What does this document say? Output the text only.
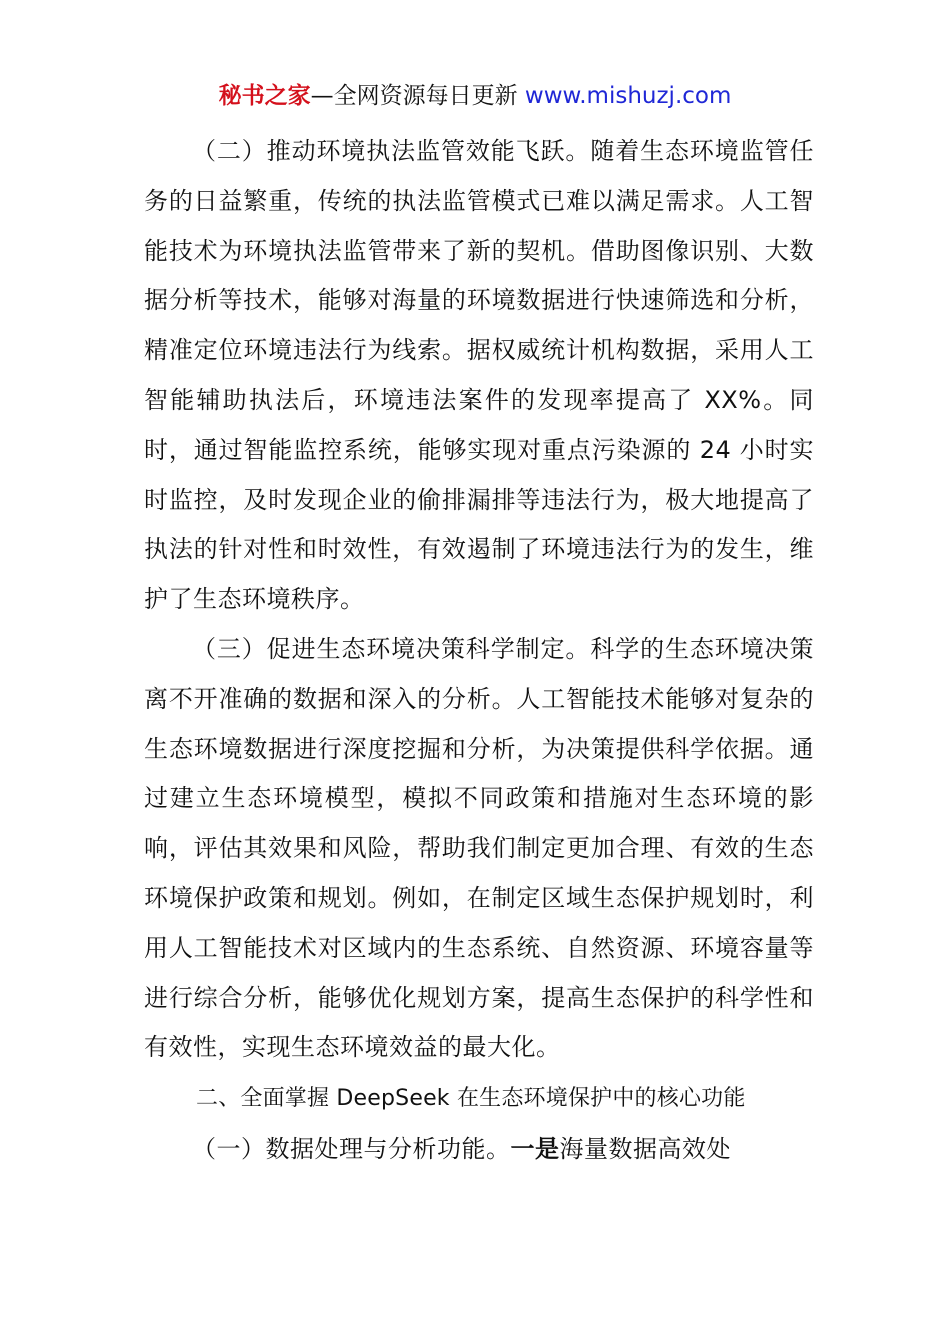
秘书之家—全网资源每日更新 www.mishuzj.com

（二）推动环境执法监管效能飞跃。随着生态环境监管任务的日益繁重，传统的执法监管模式已难以满足需求。人工智能技术为环境执法监管带来了新的契机。借助图像识别、大数据分析等技术，能够对海量的环境数据进行快速筛选和分析，精准定位环境违法行为线索。据权威统计机构数据，采用人工智能辅助执法后，环境违法案件的发现率提高了 XX%。同时，通过智能监控系统，能够实现对重点污染源的 24 小时实时监控，及时发现企业的偷排漏排等违法行为，极大地提高了执法的针对性和时效性，有效遏制了环境违法行为的发生，维护了生态环境秩序。

（三）促进生态环境决策科学制定。科学的生态环境决策离不开准确的数据和深入的分析。人工智能技术能够对复杂的生态环境数据进行深度挖掘和分析，为决策提供科学依据。通过建立生态环境模型，模拟不同政策和措施对生态环境的影响，评估其效果和风险，帮助我们制定更加合理、有效的生态环境保护政策和规划。例如，在制定区域生态保护规划时，利用人工智能技术对区域内的生态系统、自然资源、环境容量等进行综合分析，能够优化规划方案，提高生态保护的科学性和有效性，实现生态环境效益的最大化。

二、全面掌握 DeepSeek 在生态环境保护中的核心功能

（一）数据处理与分析功能。一是海量数据高效处
